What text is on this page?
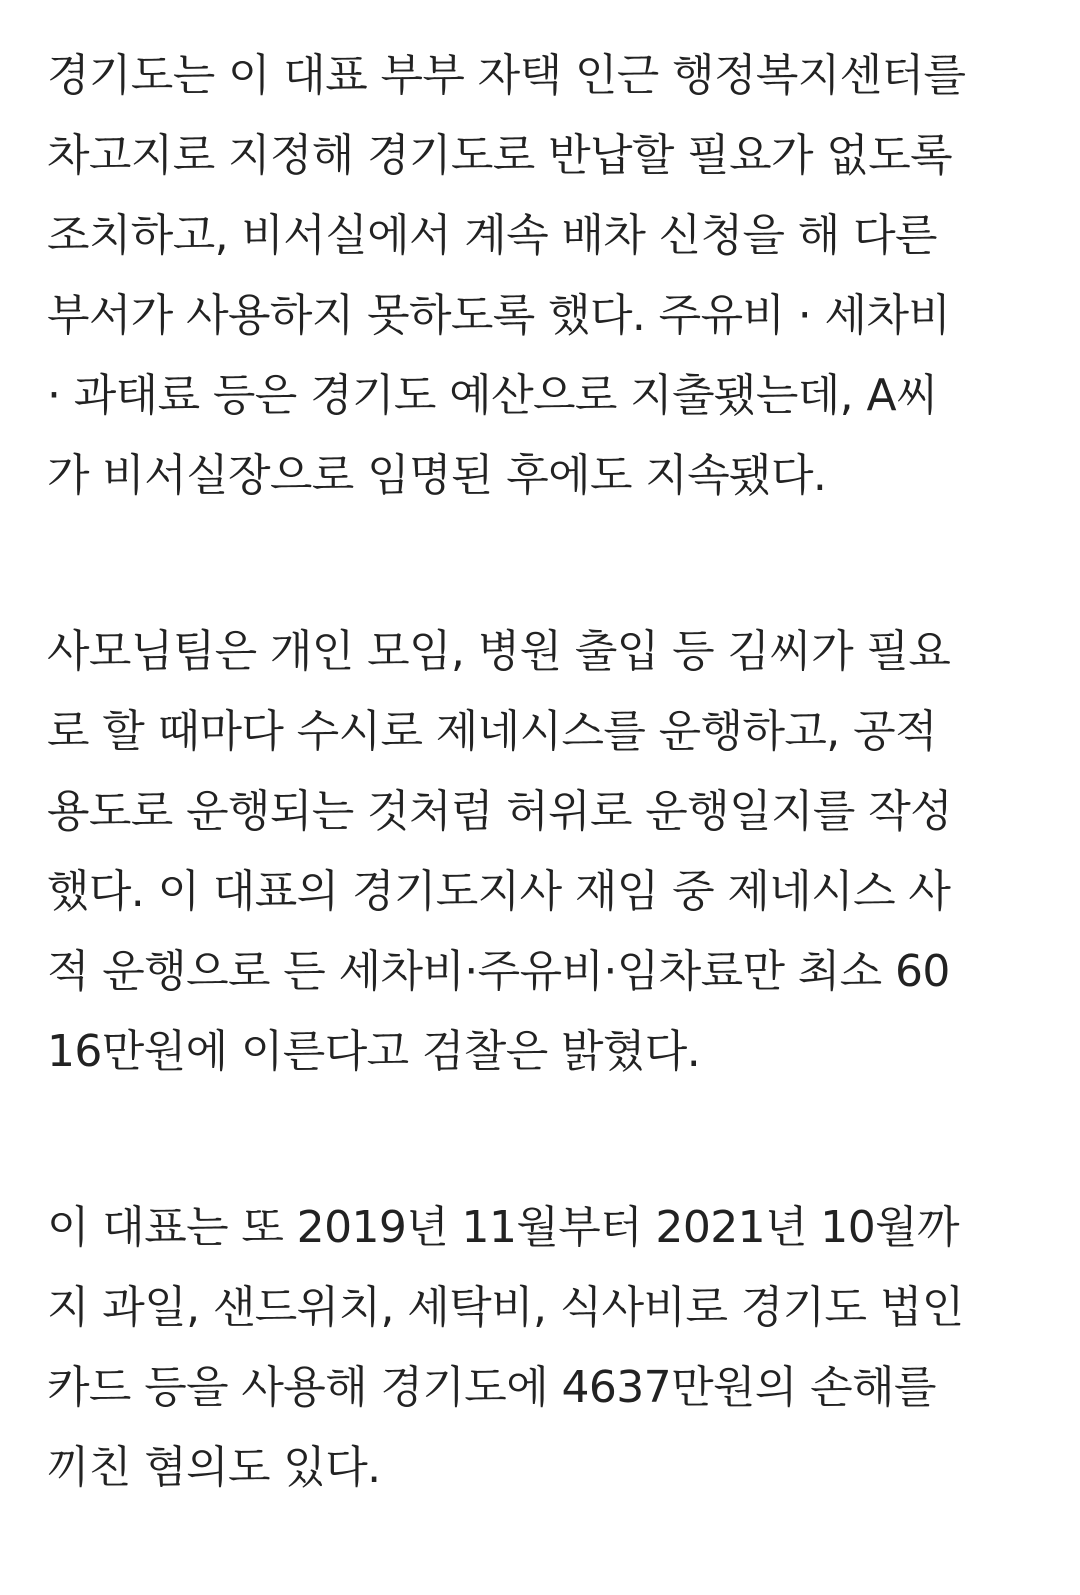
경기도는 이 대표 부부 자택 인근 행정복지센터를
차고지로 지정해 경기도로 반납할 필요가 없도록
조치하고, 비서실에서 계속 배차 신청을 해 다른
부서가 사용하지 못하도록 했다. 주유비 · 세차비
· 과태료 등은 경기도 예산으로 지출됐는데, A씨
가 비서실장으로 임명된 후에도 지속됐다.
사모님팀은 개인 모임, 병원 출입 등 김씨가 필요
로 할 때마다 수시로 제네시스를 운행하고, 공적
용도로 운행되는 것처럼 허위로 운행일지를 작성
했다. 이 대표의 경기도지사 재임 중 제네시스 사
적 운행으로 든 세차비·주유비·임차료만 최소 60
16만원에 이른다고 검찰은 밝혔다.
이 대표는 또 2019년 11월부터 2021년 10월까
지 과일, 샌드위치, 세탁비, 식사비로 경기도 법인
카드 등을 사용해 경기도에 4637만원의 손해를
끼친 혐의도 있다.
